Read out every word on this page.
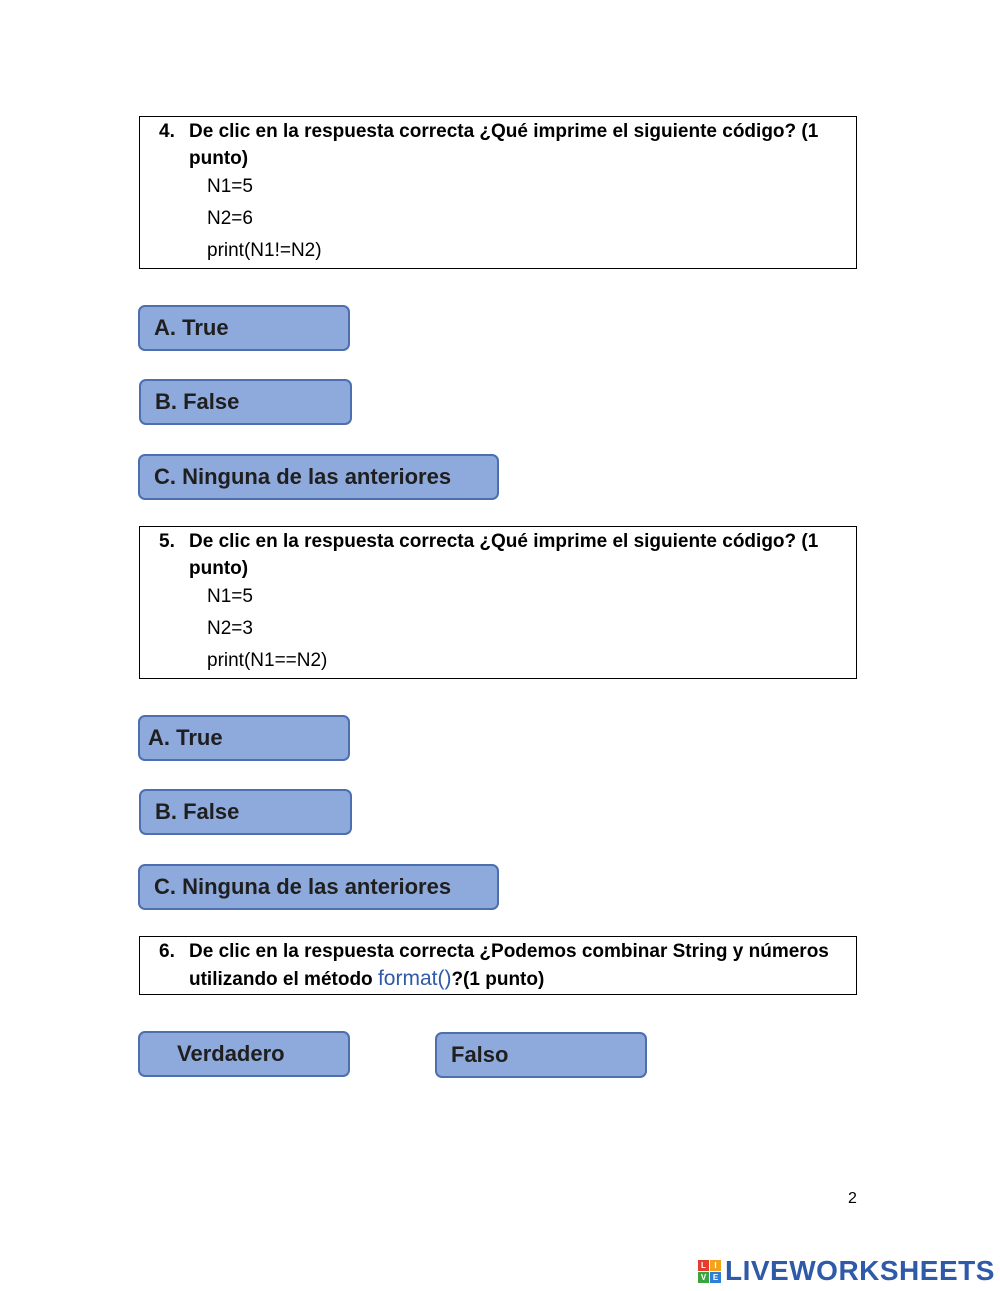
4. De clic en la respuesta correcta ¿Qué imprime el siguiente código? (1 punto)
N1=5
N2=6
print(N1!=N2)
A. True
B. False
C. Ninguna de las anteriores
5. De clic en la respuesta correcta ¿Qué imprime el siguiente código? (1 punto)
N1=5
N2=3
print(N1==N2)
A. True
B. False
C. Ninguna de las anteriores
6. De clic en la respuesta correcta ¿Podemos combinar String y números utilizando el método format()?(1 punto)
Verdadero	Falso
2
L	I
V E LIVEWORKSHEETS
